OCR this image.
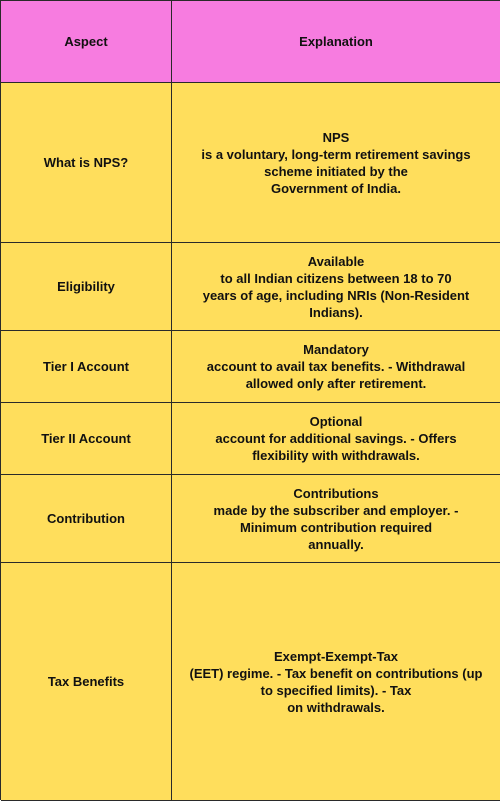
Aspect	Explanation
What is NPS?
NPS
is a voluntary, long-term retirement savings
scheme initiated by the
Government of India.
Eligibility
Available
to all Indian citizens between 18 to 70
years of age, including NRIs (Non-Resident
Indians).
Tier I Account
Mandatory
account to avail tax benefits. - Withdrawal
allowed only after retirement.
Tier II Account
Optional
account for additional savings. - Offers
flexibility with withdrawals.
Contribution
Contributions
made by the subscriber and employer. -
Minimum contribution required
annually.
Tax Benefits
Exempt-Exempt-Tax
(EET) regime. - Tax benefit on contributions (up
to specified limits). - Tax
on withdrawals.
